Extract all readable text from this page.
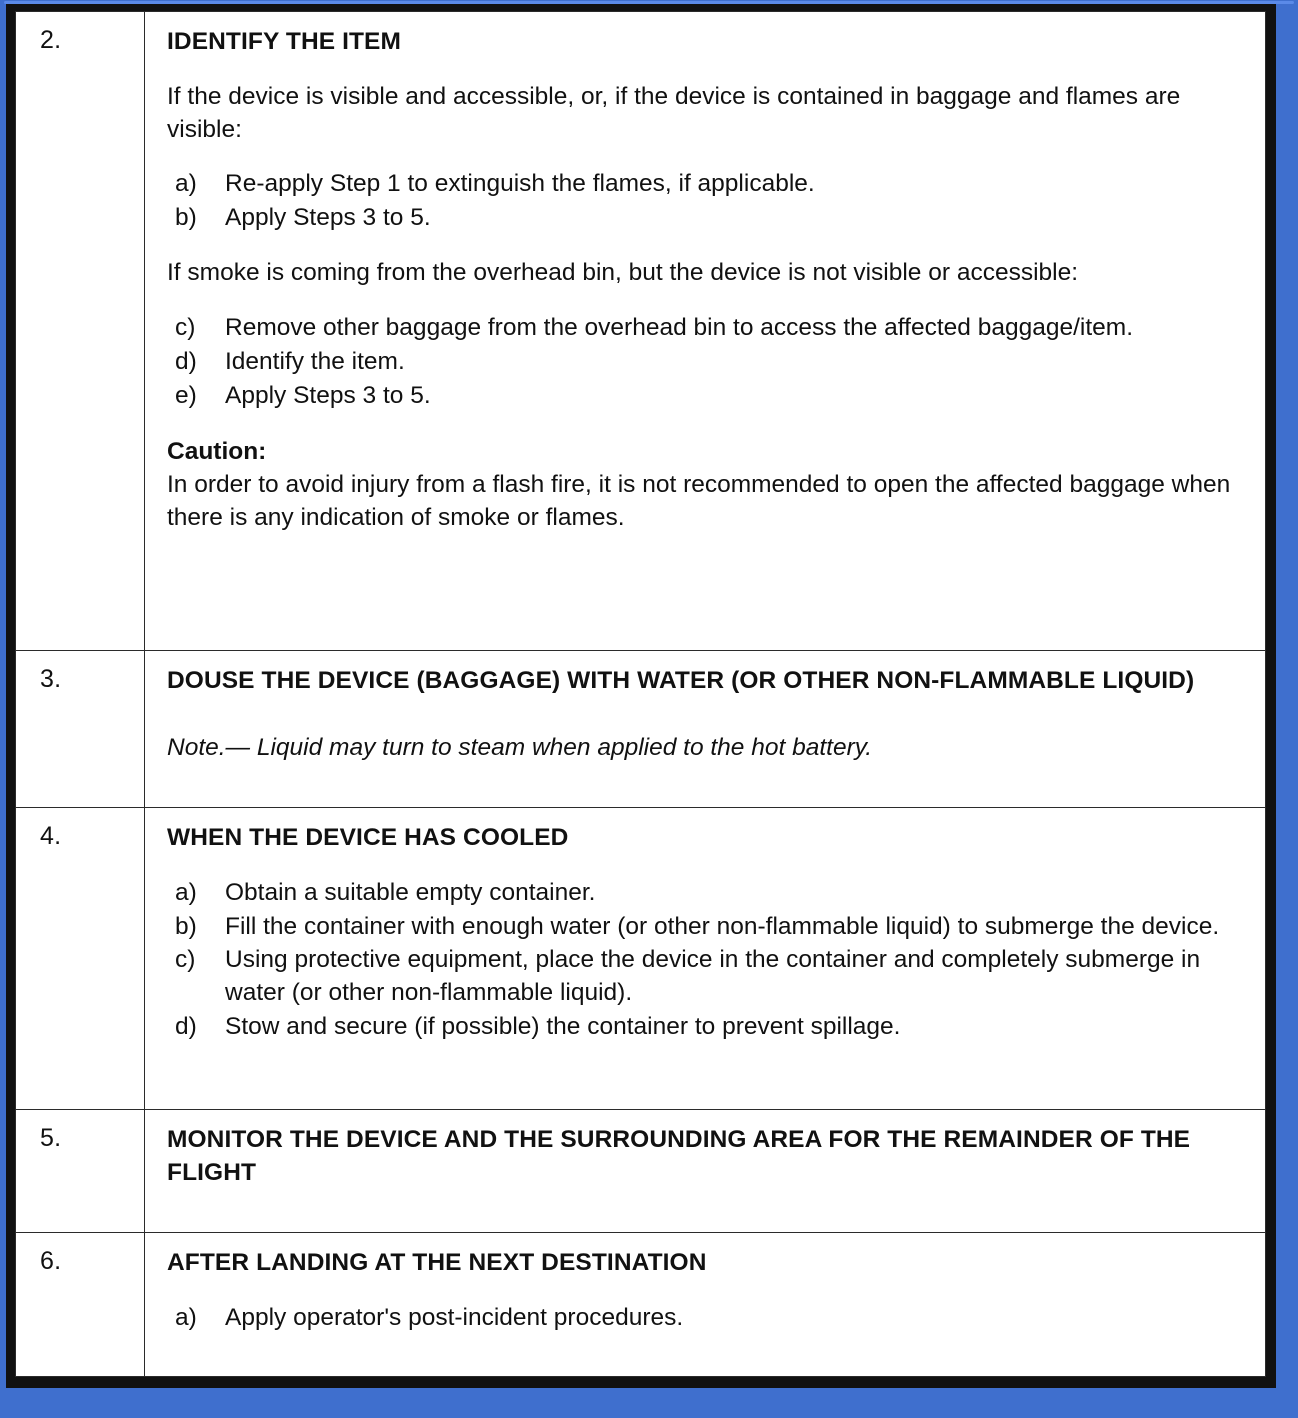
2.	IDENTIFY THE ITEM

If the device is visible and accessible, or, if the device is contained in baggage and flames are visible:

a)	Re-apply Step 1 to extinguish the flames, if applicable.
b)	Apply Steps 3 to 5.

If smoke is coming from the overhead bin, but the device is not visible or accessible:

c)	Remove other baggage from the overhead bin to access the affected baggage/item.
d)	Identify the item.
e)	Apply Steps 3 to 5.

Caution:

In order to avoid injury from a flash fire, it is not recommended to open the affected baggage when there is any indication of smoke or flames.

3.	DOUSE THE DEVICE (BAGGAGE) WITH WATER (OR OTHER NON-FLAMMABLE LIQUID)

Note.— Liquid may turn to steam when applied to the hot battery.

4.	WHEN THE DEVICE HAS COOLED
a)	Obtain a suitable empty container.
b)	Fill the container with enough water (or other non-flammable liquid) to submerge the device.
c)	Using protective equipment, place the device in the container and completely submerge in water (or other non-flammable liquid).
d)	Stow and secure (if possible) the container to prevent spillage.

5.	MONITOR THE DEVICE AND THE SURROUNDING AREA FOR THE REMAINDER OF THE FLIGHT

6.	AFTER LANDING AT THE NEXT DESTINATION
a)	Apply operator's post-incident procedures.
